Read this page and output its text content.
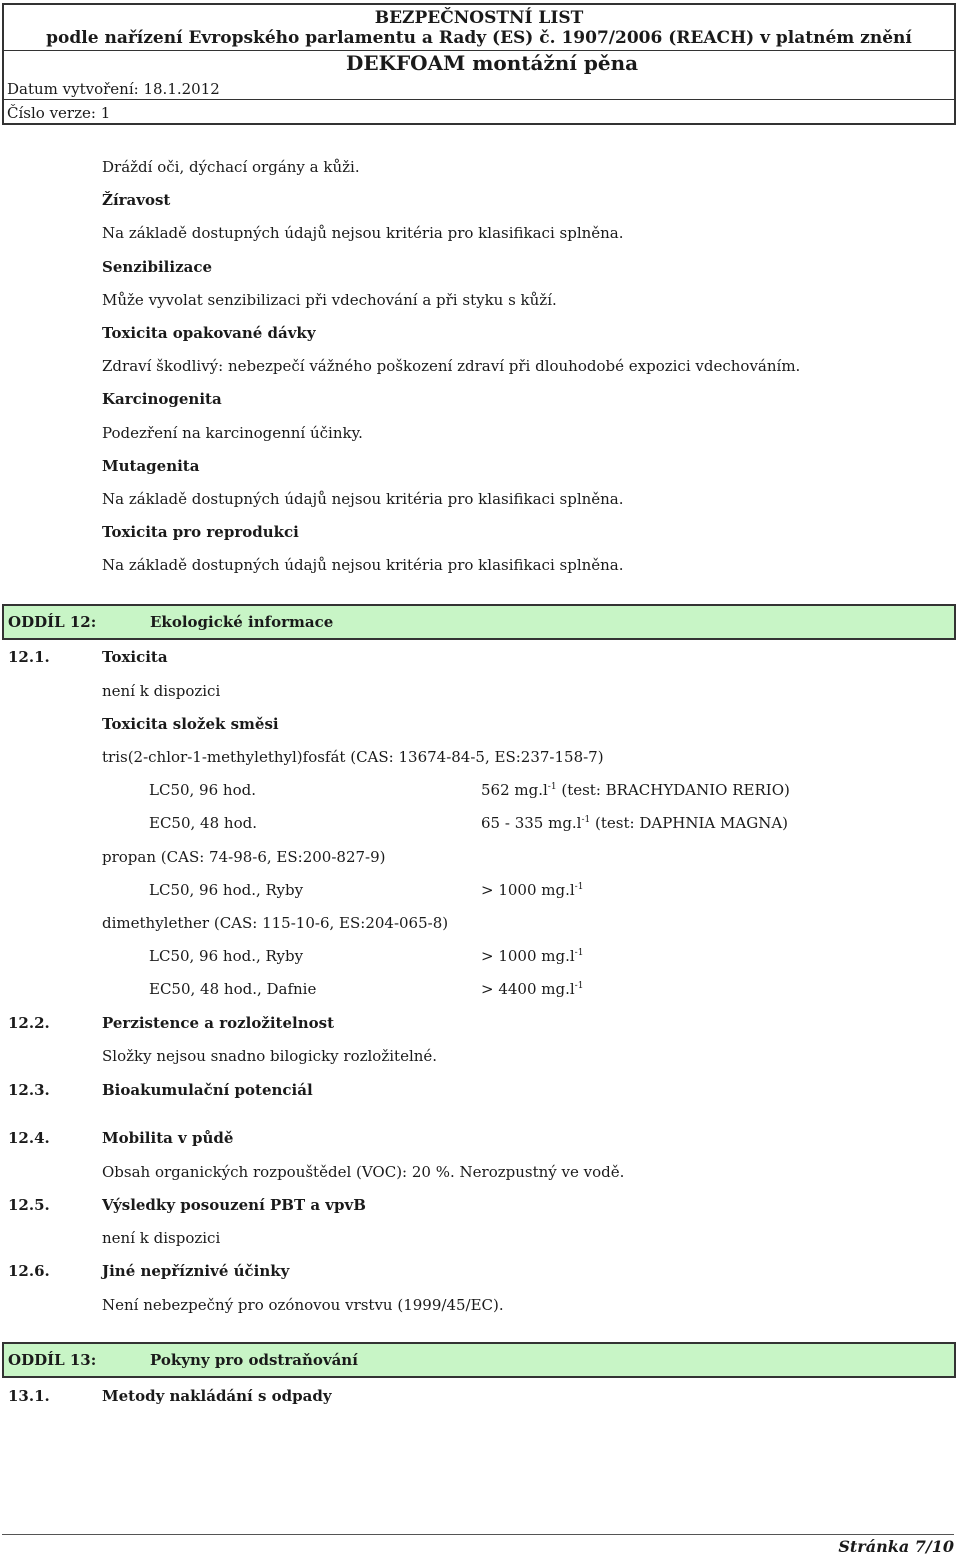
BEZPEČNOSTNÍ LIST
podle nařízení Evropského parlamentu a Rady (ES) č. 1907/2006 (REACH) v platném znění
Datum vytvoření: 18.1.2012
Číslo verze: 1
DEKFOAM montážní pěna
Dráždí oči, dýchací orgány a kůži.
Žíravost
Na základě dostupných údajů nejsou kritéria pro klasifikaci splněna.
Senzibilizace
Může vyvolat senzibilizaci při vdechování a při styku s kůží.
Toxicita opakované dávky
Zdraví škodlivý: nebezpečí vážného poškození zdraví při dlouhodobé expozici vdechováním.
Karcinogenita
Podezření na karcinogenní účinky.
Mutagenita
Na základě dostupných údajů nejsou kritéria pro klasifikaci splněna.
Toxicita pro reprodukci
Na základě dostupných údajů nejsou kritéria pro klasifikaci splněna.
ODDÍL 12:	Ekologické informace
12.1.	Toxicita
není k dispozici
Toxicita složek směsi
tris(2-chlor-1-methylethyl)fosfát (CAS: 13674-84-5, ES:237-158-7)
LC50, 96 hod.	562 $mg.l^{-1}$ (test: BRACHYDANIO RERIO)
EC50, 48 hod.	65 - 335 $mg.l^{-1}$ (test: DAPHNIA MAGNA)
propan (CAS: 74-98-6, ES:200-827-9)
LC50, 96 hod., Ryby	> 1000 $mg.l^{-1}$
dimethylether (CAS: 115-10-6, ES:204-065-8)
LC50, 96 hod., Ryby	> 1000 $mg.l^{-1}$
EC50, 48 hod., Dafnie	> 4400 $mg.l^{-1}$
12.2.	Perzistence a rozložitelnost
Složky nejsou snadno bilogicky rozložitelné.
12.3.	Bioakumulační potenciál
12.4.	Mobilita v půdě
Obsah organických rozpouštědel (VOC): 20 %. Nerozpustný ve vodě.
12.5.	Výsledky posouzení PBT a vpvB
není k dispozici
12.6.	Jiné nepříznivé účinky
Není nebezpečný pro ozónovou vrstvu (1999/45/EC).
ODDÍL 13:	Pokyny pro odstraňování
13.1.	Metody nakládání s odpady
Stránka 7/10
